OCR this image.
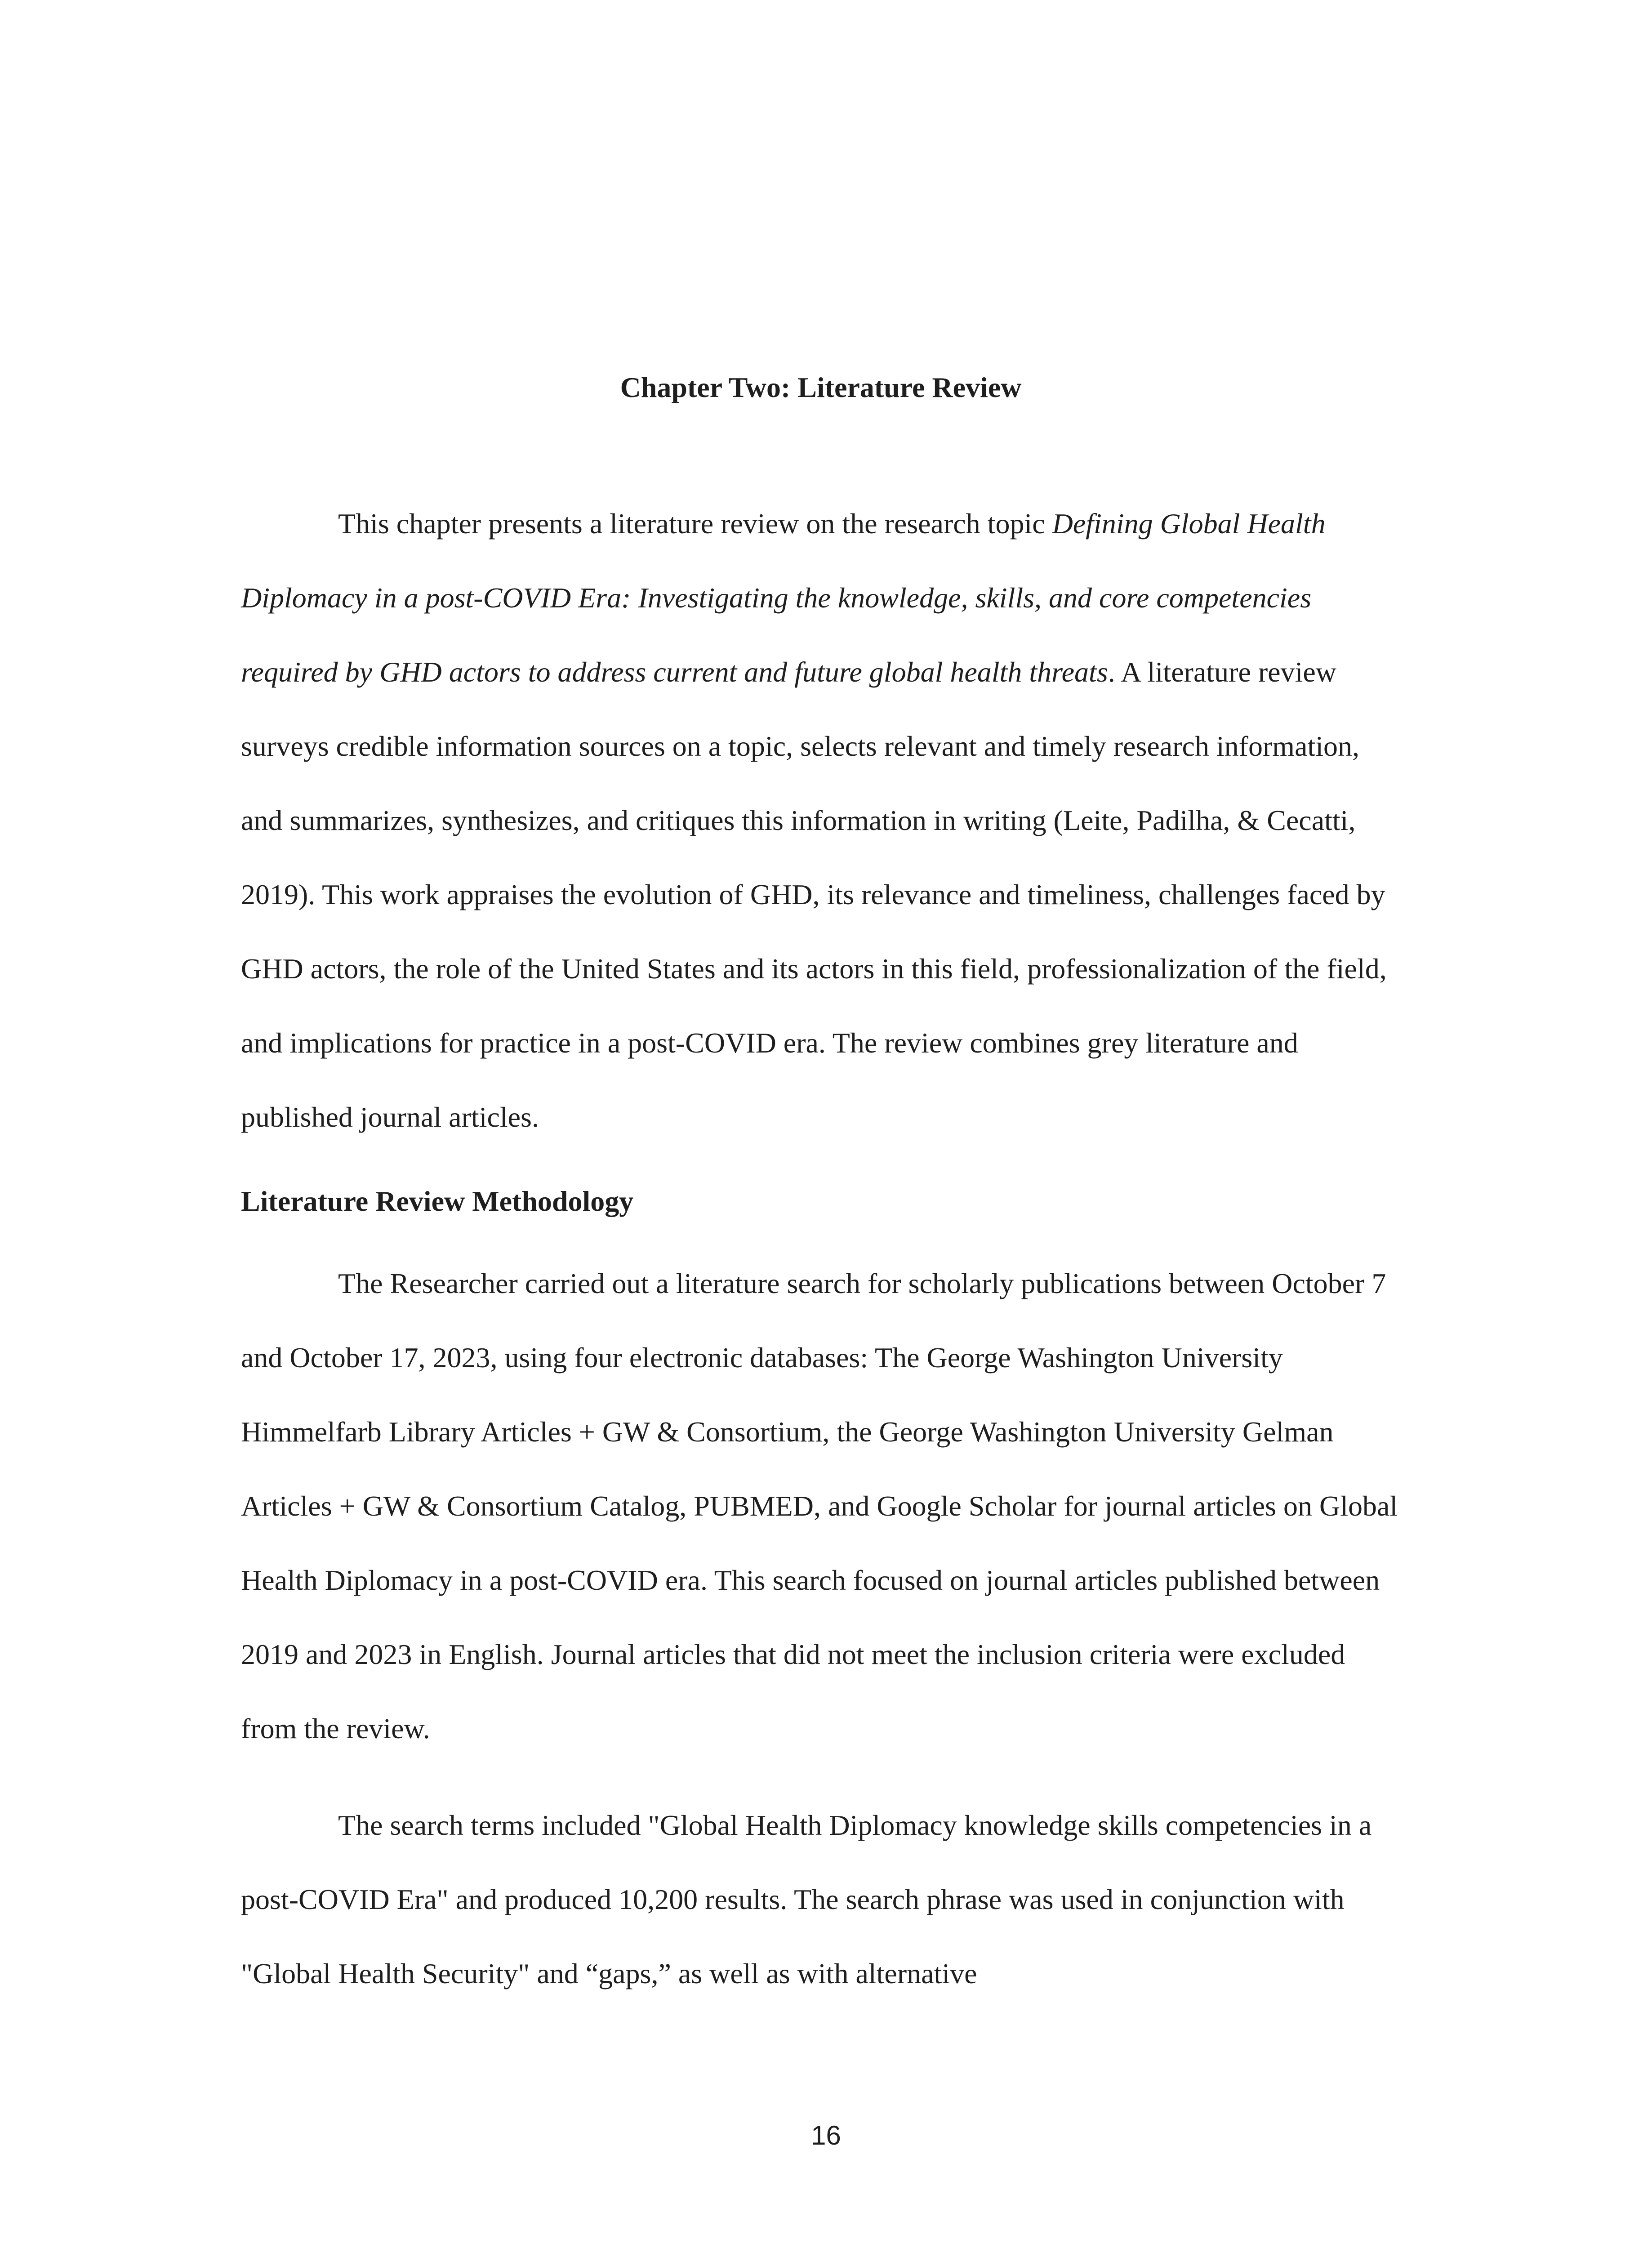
Chapter Two: Literature Review

This chapter presents a literature review on the research topic Defining Global Health Diplomacy in a post-COVID Era: Investigating the knowledge, skills, and core competencies required by GHD actors to address current and future global health threats. A literature review surveys credible information sources on a topic, selects relevant and timely research information, and summarizes, synthesizes, and critiques this information in writing (Leite, Padilha, & Cecatti, 2019). This work appraises the evolution of GHD, its relevance and timeliness, challenges faced by GHD actors, the role of the United States and its actors in this field, professionalization of the field, and implications for practice in a post-COVID era. The review combines grey literature and published journal articles.

Literature Review Methodology

The Researcher carried out a literature search for scholarly publications between October 7 and October 17, 2023, using four electronic databases: The George Washington University Himmelfarb Library Articles + GW & Consortium, the George Washington University Gelman Articles + GW & Consortium Catalog, PUBMED, and Google Scholar for journal articles on Global Health Diplomacy in a post-COVID era. This search focused on journal articles published between 2019 and 2023 in English. Journal articles that did not meet the inclusion criteria were excluded from the review.

The search terms included "Global Health Diplomacy knowledge skills competencies in a post-COVID Era" and produced 10,200 results. The search phrase was used in conjunction with "Global Health Security" and “gaps,” as well as with alternative

16
